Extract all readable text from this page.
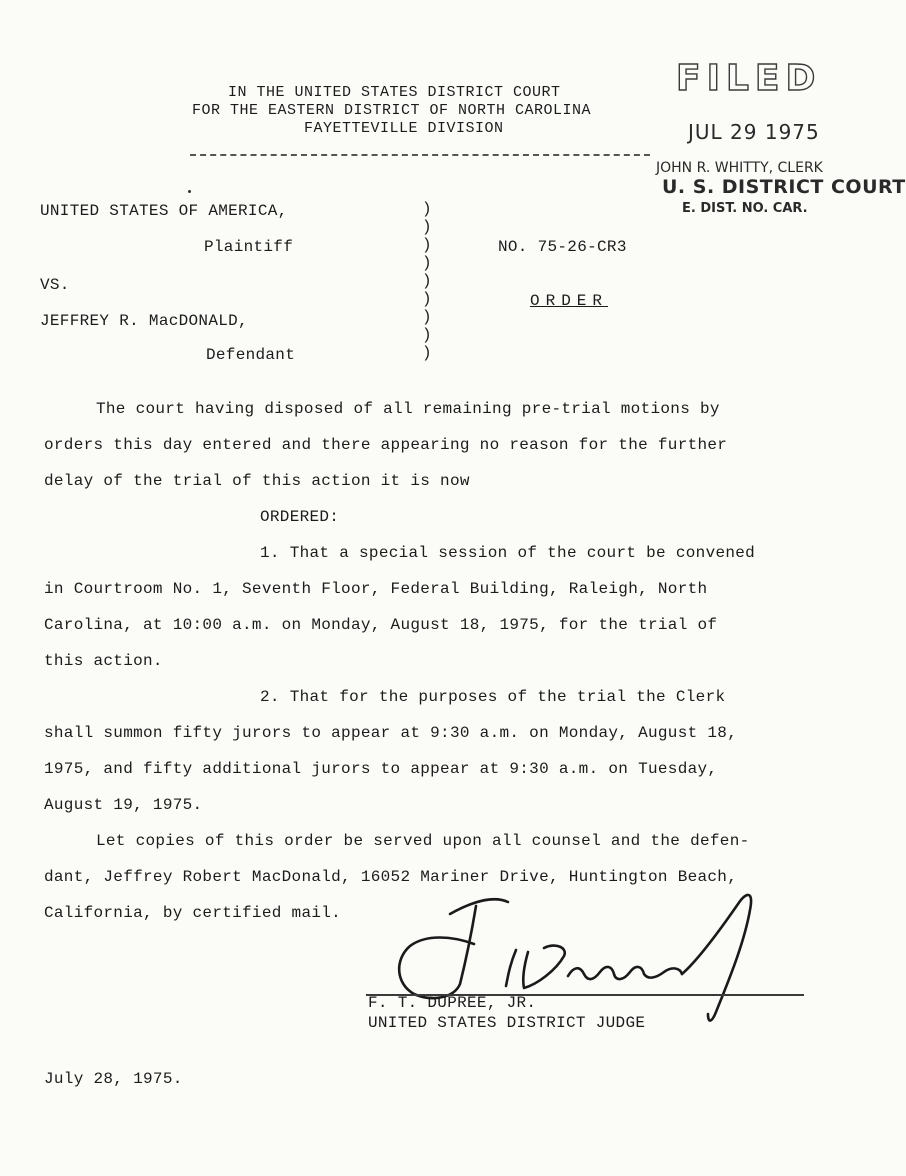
IN THE UNITED STATES DISTRICT COURT
FOR THE EASTERN DISTRICT OF NORTH CAROLINA
FAYETTEVILLE DIVISION
FILED
JUL 29 1975
JOHN R. WHITTY, CLERK
U. S. DISTRICT COURT
E. DIST. NO. CAR.
UNITED STATES OF AMERICA,
Plaintiff
VS.
JEFFREY R. MacDONALD,
Defendant
)
)
)
)
)
)
)
)
)
NO. 75-26-CR3
ORDER
The court having disposed of all remaining pre-trial motions by
orders this day entered and there appearing no reason for the further
delay of the trial of this action it is now
ORDERED:
1. That a special session of the court be convened
in Courtroom No. 1, Seventh Floor, Federal Building, Raleigh, North
Carolina, at 10:00 a.m. on Monday, August 18, 1975, for the trial of
this action.
2. That for the purposes of the trial the Clerk
shall summon fifty jurors to appear at 9:30 a.m. on Monday, August 18,
1975, and fifty additional jurors to appear at 9:30 a.m. on Tuesday,
August 19, 1975.
Let copies of this order be served upon all counsel and the defen-
dant, Jeffrey Robert MacDonald, 16052 Mariner Drive, Huntington Beach,
California, by certified mail.
F. T. DUPREE, JR.
UNITED STATES DISTRICT JUDGE
July 28, 1975.
